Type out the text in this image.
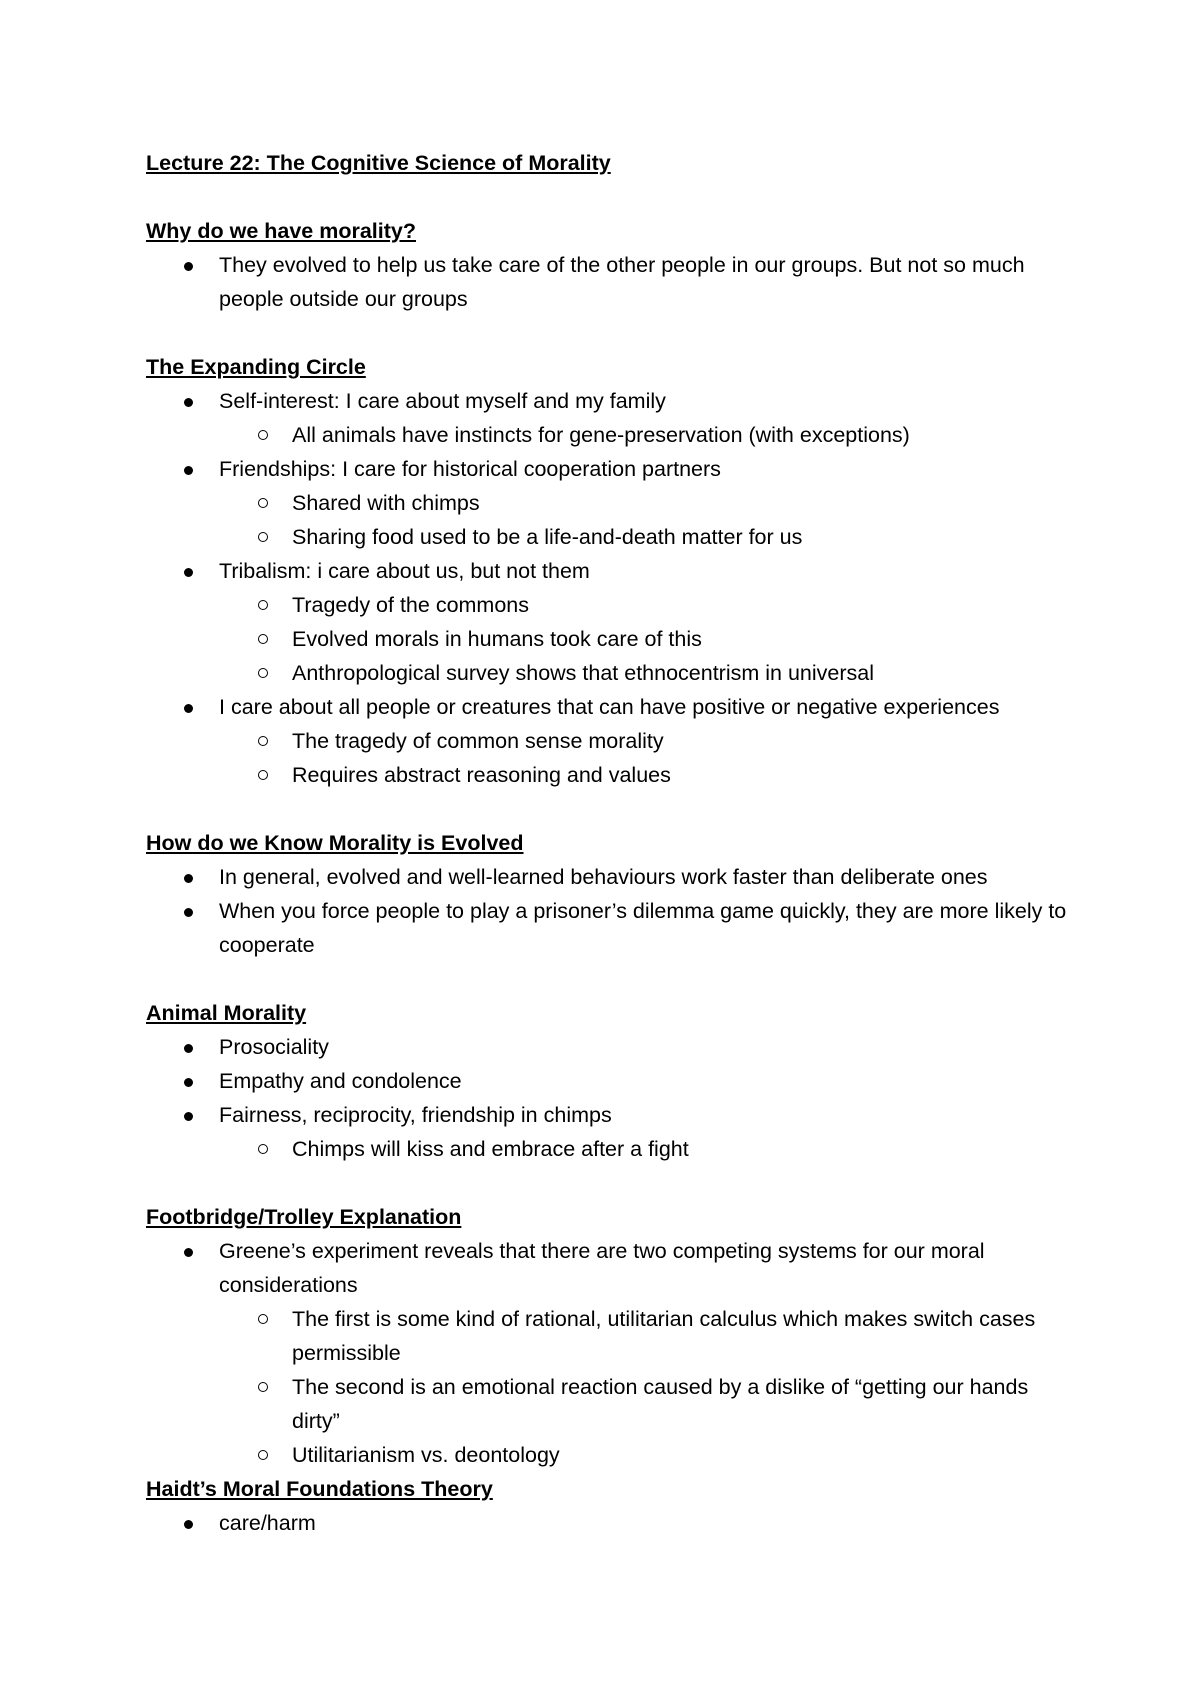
Lecture 22: The Cognitive Science of Morality

Why do we have morality?

They evolved to help us take care of the other people in our groups. But not so much people outside our groups

The Expanding Circle

Self-interest: I care about myself and my family
All animals have instincts for gene-preservation (with exceptions)
Friendships: I care for historical cooperation partners
Shared with chimps
Sharing food used to be a life-and-death matter for us
Tribalism: i care about us, but not them
Tragedy of the commons
Evolved morals in humans took care of this
Anthropological survey shows that ethnocentrism in universal
I care about all people or creatures that can have positive or negative experiences
The tragedy of common sense morality
Requires abstract reasoning and values

How do we Know Morality is Evolved

In general, evolved and well-learned behaviours work faster than deliberate ones
When you force people to play a prisoner’s dilemma game quickly, they are more likely to cooperate

Animal Morality

Prosociality
Empathy and condolence
Fairness, reciprocity, friendship in chimps
Chimps will kiss and embrace after a fight

Footbridge/Trolley Explanation

Greene’s experiment reveals that there are two competing systems for our moral considerations
The first is some kind of rational, utilitarian calculus which makes switch cases permissible
The second is an emotional reaction caused by a dislike of “getting our hands dirty”
Utilitarianism vs. deontology

Haidt’s Moral Foundations Theory

care/harm
